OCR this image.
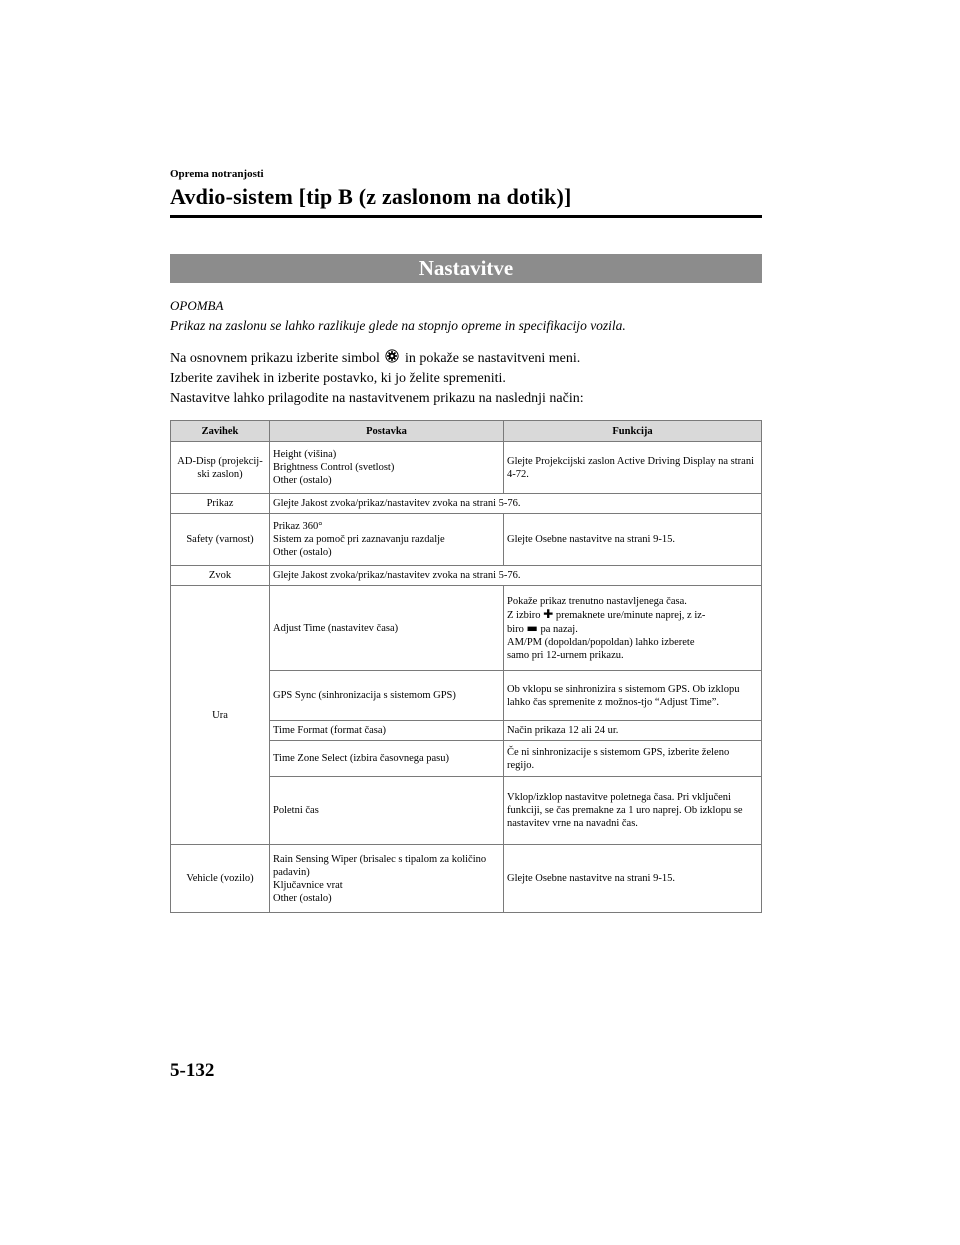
Oprema notranjosti
Avdio-sistem [tip B (z zaslonom na dotik)]
Nastavitve
OPOMBA
Prikaz na zaslonu se lahko razlikuje glede na stopnjo opreme in specifikacijo vozila.

Na osnovnem prikazu izberite simbol in pokaže se nastavitveni meni.

Izberite zavihek in izberite postavko, ki jo želite spremeniti.

Nastavitve lahko prilagodite na nastavitvenem prikazu na naslednji način:

Zavihek	Postavka	Funkcija
AD-Disp (projekcij-ski zaslon)	Height (višina)
Brightness Control (svetlost)
Other (ostalo)	Glejte Projekcijski zaslon Active Driving Display na strani 4-72.
Prikaz	Glejte Jakost zvoka/prikaz/nastavitev zvoka na strani 5-76.	
Safety (varnost)	Prikaz 360°
Sistem za pomoč pri zaznavanju razdalje
Other (ostalo)	Glejte Osebne nastavitve na strani 9-15.
Zvok	Glejte Jakost zvoka/prikaz/nastavitev zvoka na strani 5-76.	
Ura	Adjust Time (nastavitev časa)	Pokaže prikaz trenutno nastavljenega časa.
Z izbiro ✚ premaknete ure/minute naprej, z iz-
biro ▬ pa nazaj.
AM/PM (dopoldan/popoldan) lahko izberete
samo pri 12-urnem prikazu.

	GPS Sync (sinhronizacija s sistemom GPS)	Ob vklopu se sinhronizira s sistemom GPS. Ob izklopu lahko čas spremenite z možnos-tjo “Adjust Time”.
	Time Format (format časa)	Način prikaza 12 ali 24 ur.
	Time Zone Select (izbira časovnega pasu)	Če ni sinhronizacije s sistemom GPS, izberite želeno regijo.
	Poletni čas	Vklop/izklop nastavitve poletnega časa. Pri vključeni funkciji, se čas premakne za 1 uro naprej. Ob izklopu se nastavitev vrne na navadni čas.
Vehicle (vozilo)	Rain Sensing Wiper (brisalec s tipalom za količino padavin)
Ključavnice vrat
Other (ostalo)	Glejte Osebne nastavitve na strani 9-15.
5-132
